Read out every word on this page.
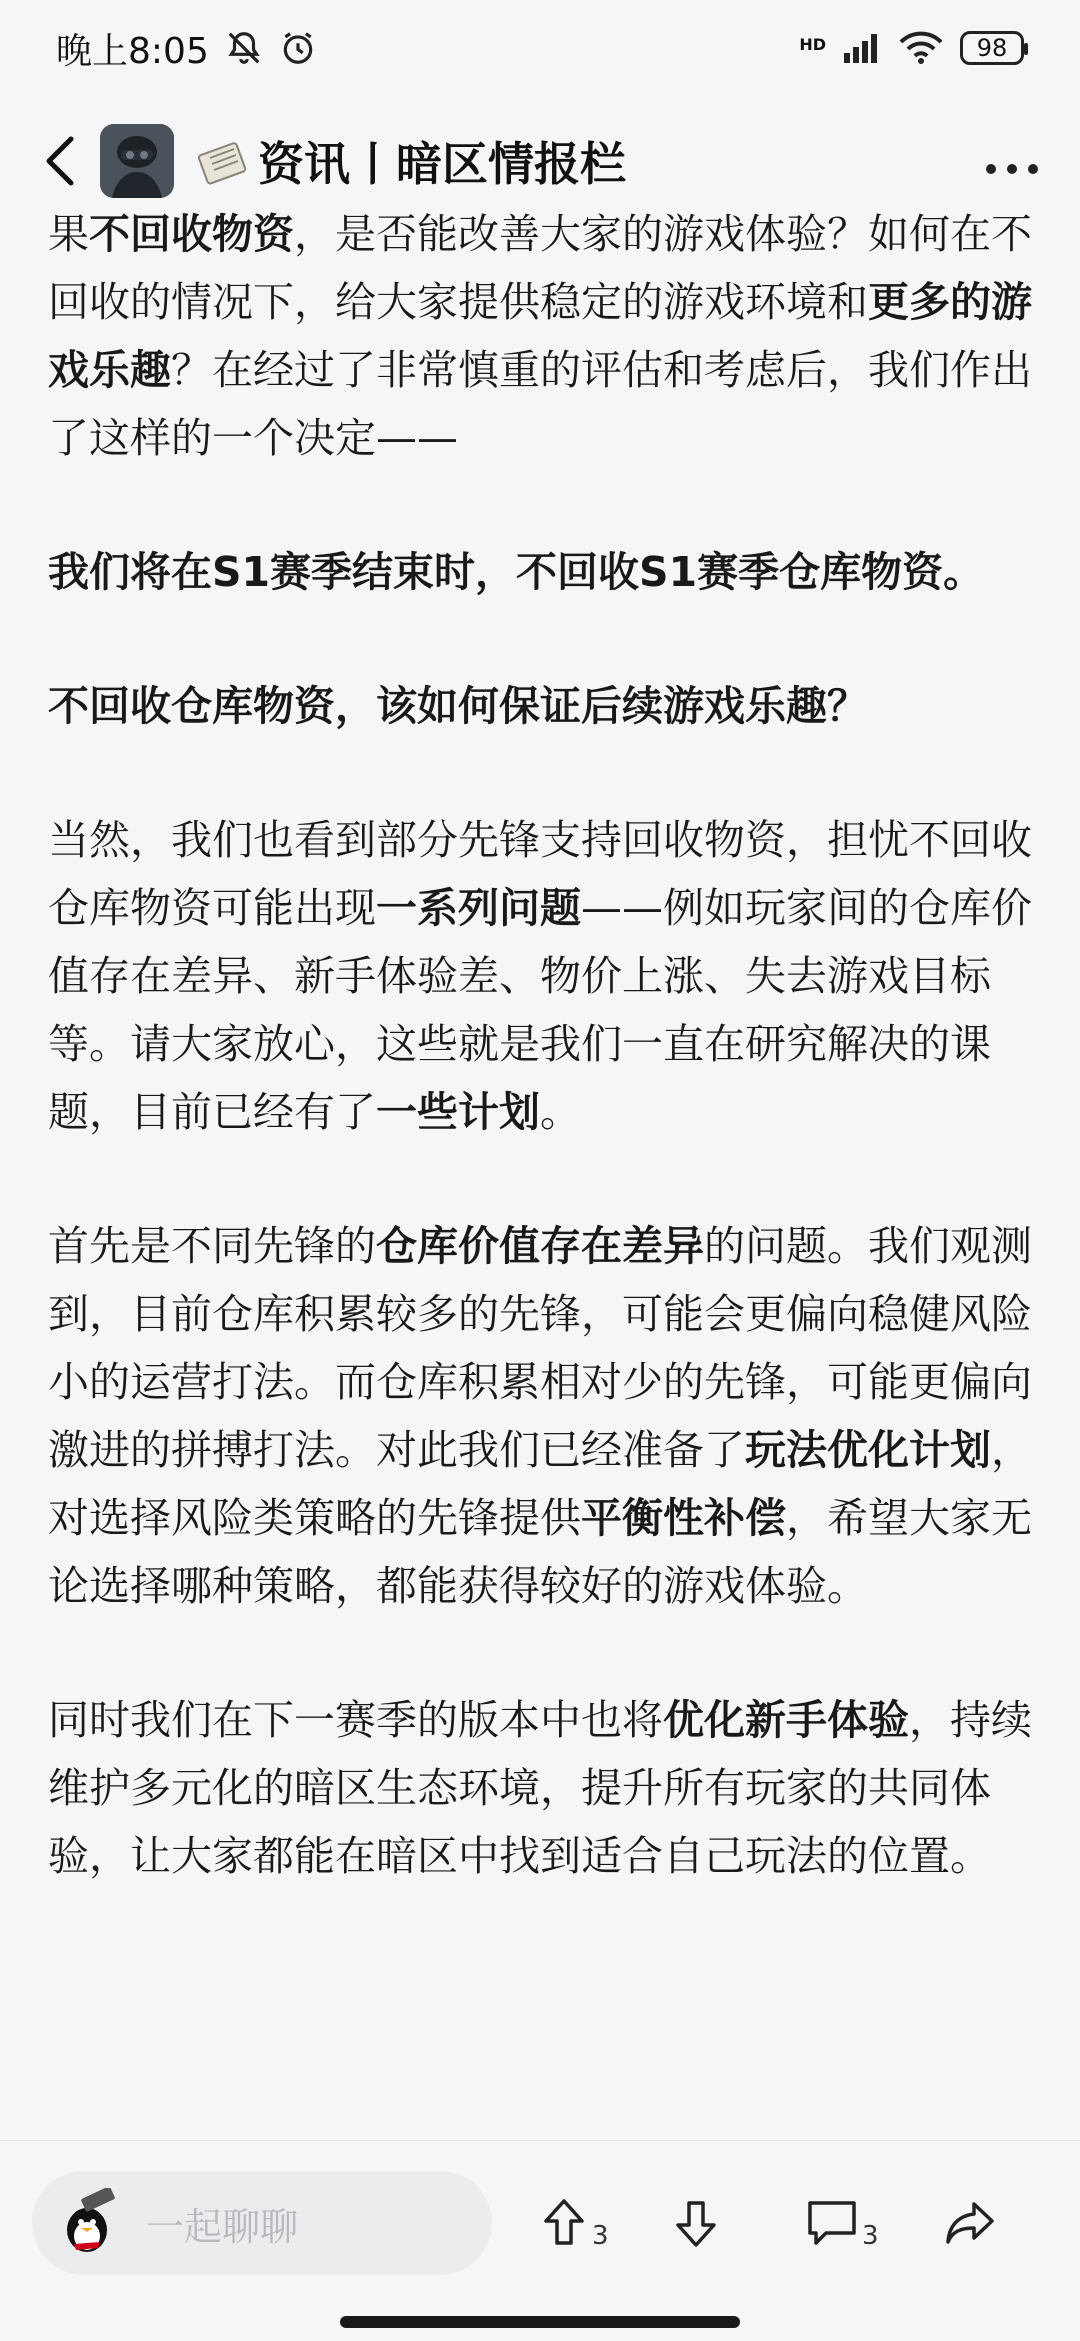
晚上8:05	HD	98
资讯丨暗区情报栏

果不回收物资，是否能改善大家的游戏体验？如何在不回收的情况下，给大家提供稳定的游戏环境和更多的游戏乐趣？在经过了非常慎重的评估和考虑后，我们作出了这样的一个决定——

我们将在S1赛季结束时，不回收S1赛季仓库物资。

不回收仓库物资，该如何保证后续游戏乐趣？

当然，我们也看到部分先锋支持回收物资，担忧不回收仓库物资可能出现一系列问题——例如玩家间的仓库价值存在差异、新手体验差、物价上涨、失去游戏目标等。请大家放心，这些就是我们一直在研究解决的课题，目前已经有了一些计划。

首先是不同先锋的仓库价值存在差异的问题。我们观测到，目前仓库积累较多的先锋，可能会更偏向稳健风险小的运营打法。而仓库积累相对少的先锋，可能更偏向激进的拼搏打法。对此我们已经准备了玩法优化计划，对选择风险类策略的先锋提供平衡性补偿，希望大家无论选择哪种策略，都能获得较好的游戏体验。

同时我们在下一赛季的版本中也将优化新手体验，持续维护多元化的暗区生态环境，提升所有玩家的共同体验，让大家都能在暗区中找到适合自己玩法的位置。

一起聊聊	3	3
